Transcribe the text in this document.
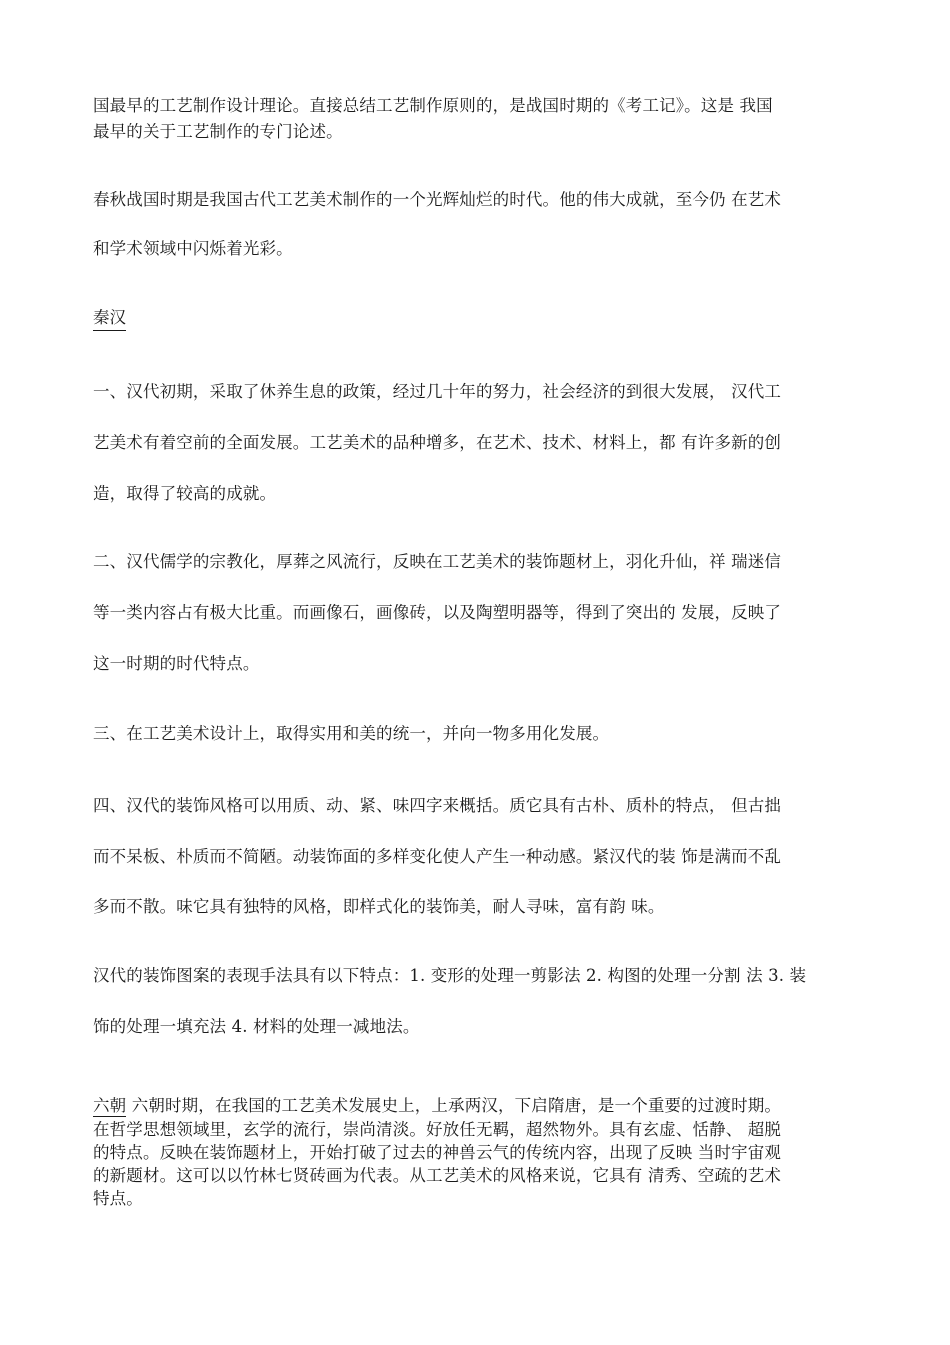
国最早的工艺制作设计理论。直接总结工艺制作原则的，是战国时期的《考工记》。这是 我国
最早的关于工艺制作的专门论述。
春秋战国时期是我国古代工艺美术制作的一个光辉灿烂的时代。他的伟大成就，至今仍 在艺术
和学术领域中闪烁着光彩。
秦汉
一、汉代初期，采取了休养生息的政策，经过几十年的努力，社会经济的到很大发展， 汉代工
艺美术有着空前的全面发展。工艺美术的品种增多，在艺术、技术、材料上，都 有许多新的创
造，取得了较高的成就。
二、汉代儒学的宗教化，厚葬之风流行，反映在工艺美术的装饰题材上，羽化升仙，祥 瑞迷信
等一类内容占有极大比重。而画像石，画像砖，以及陶塑明器等，得到了突出的 发展，反映了
这一时期的时代特点。
三、在工艺美术设计上，取得实用和美的统一，并向一物多用化发展。
四、汉代的装饰风格可以用质、动、紧、味四字来概括。质它具有古朴、质朴的特点， 但古拙
而不呆板、朴质而不简陋。动装饰面的多样变化使人产生一种动感。紧汉代的装 饰是满而不乱
多而不散。味它具有独特的风格，即样式化的装饰美，耐人寻味，富有韵 味。
汉代的装饰图案的表现手法具有以下特点：1. 变形的处理一剪影法 2. 构图的处理一分割 法 3. 装
饰的处理一填充法 4. 材料的处理一减地法。
六朝 六朝时期，在我国的工艺美术发展史上，上承两汉，下启隋唐，是一个重要的过渡时期。
在哲学思想领域里，玄学的流行，崇尚清淡。好放任无羁，超然物外。具有玄虚、恬静、 超脱
的特点。反映在装饰题材上，开始打破了过去的神兽云气的传统内容，出现了反映 当时宇宙观
的新题材。这可以以竹林七贤砖画为代表。从工艺美术的风格来说，它具有 清秀、空疏的艺术
特点。
